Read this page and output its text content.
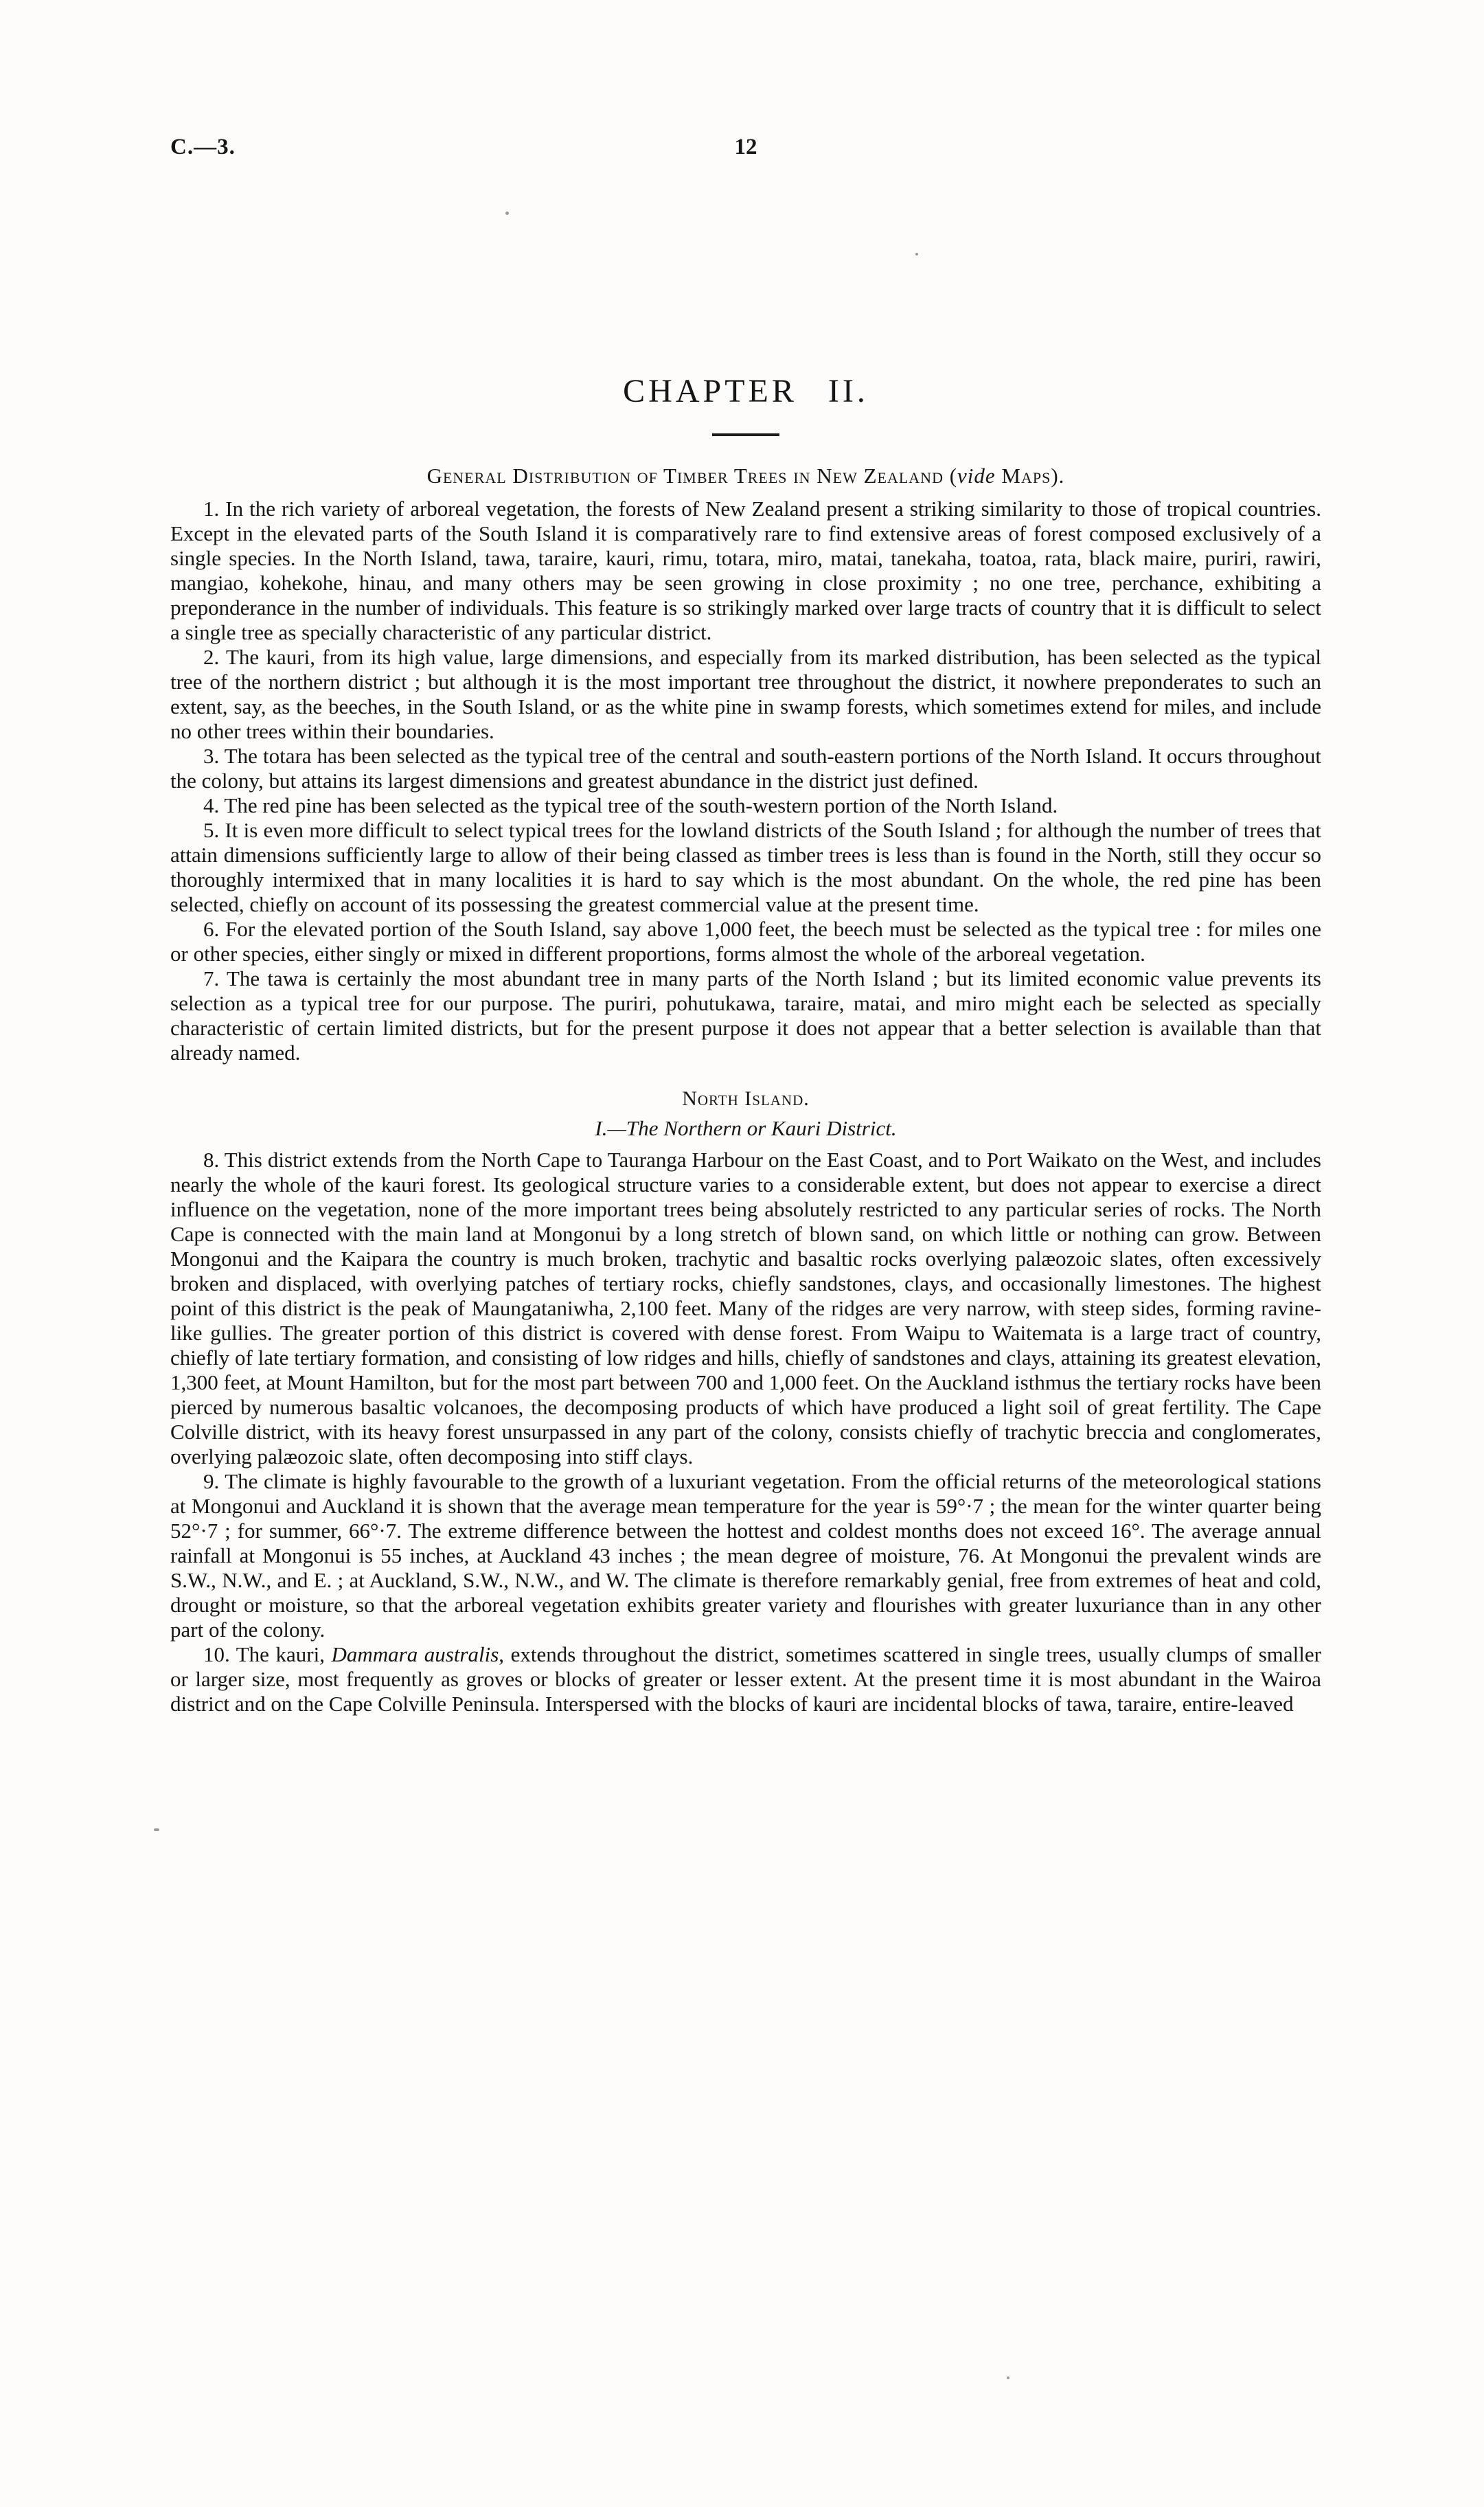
C.—3.	12
CHAPTER II.
General Distribution of Timber Trees in New Zealand (vide Maps).

1. In the rich variety of arboreal vegetation, the forests of New Zealand present a striking similarity to those of tropical countries. Except in the elevated parts of the South Island it is comparatively rare to find extensive areas of forest composed exclusively of a single species. In the North Island, tawa, taraire, kauri, rimu, totara, miro, matai, tanekaha, toatoa, rata, black maire, puriri, rawiri, mangiao, kohekohe, hinau, and many others may be seen growing in close proximity ; no one tree, perchance, exhibiting a preponderance in the number of individuals. This feature is so strikingly marked over large tracts of country that it is difficult to select a single tree as specially characteristic of any particular district.

2. The kauri, from its high value, large dimensions, and especially from its marked distribution, has been selected as the typical tree of the northern district ; but although it is the most important tree throughout the district, it nowhere preponderates to such an extent, say, as the beeches, in the South Island, or as the white pine in swamp forests, which sometimes extend for miles, and include no other trees within their boundaries.

3. The totara has been selected as the typical tree of the central and south-eastern portions of the North Island. It occurs throughout the colony, but attains its largest dimensions and greatest abundance in the district just defined.

4. The red pine has been selected as the typical tree of the south-western portion of the North Island.

5. It is even more difficult to select typical trees for the lowland districts of the South Island ; for although the number of trees that attain dimensions sufficiently large to allow of their being classed as timber trees is less than is found in the North, still they occur so thoroughly intermixed that in many localities it is hard to say which is the most abundant. On the whole, the red pine has been selected, chiefly on account of its possessing the greatest commercial value at the present time.

6. For the elevated portion of the South Island, say above 1,000 feet, the beech must be selected as the typical tree : for miles one or other species, either singly or mixed in different proportions, forms almost the whole of the arboreal vegetation.

7. The tawa is certainly the most abundant tree in many parts of the North Island ; but its limited economic value prevents its selection as a typical tree for our purpose. The puriri, pohutukawa, taraire, matai, and miro might each be selected as specially characteristic of certain limited districts, but for the present purpose it does not appear that a better selection is available than that already named.

North Island.
I.—The Northern or Kauri District.

8. This district extends from the North Cape to Tauranga Harbour on the East Coast, and to Port Waikato on the West, and includes nearly the whole of the kauri forest. Its geological structure varies to a considerable extent, but does not appear to exercise a direct influence on the vegetation, none of the more important trees being absolutely restricted to any particular series of rocks. The North Cape is connected with the main land at Mongonui by a long stretch of blown sand, on which little or nothing can grow. Between Mongonui and the Kaipara the country is much broken, trachytic and basaltic rocks overlying palæozoic slates, often excessively broken and displaced, with overlying patches of tertiary rocks, chiefly sandstones, clays, and occasionally limestones. The highest point of this district is the peak of Maungataniwha, 2,100 feet. Many of the ridges are very narrow, with steep sides, forming ravine-like gullies. The greater portion of this district is covered with dense forest. From Waipu to Waitemata is a large tract of country, chiefly of late tertiary formation, and consisting of low ridges and hills, chiefly of sandstones and clays, attaining its greatest elevation, 1,300 feet, at Mount Hamilton, but for the most part between 700 and 1,000 feet. On the Auckland isthmus the tertiary rocks have been pierced by numerous basaltic volcanoes, the decomposing products of which have produced a light soil of great fertility. The Cape Colville district, with its heavy forest unsurpassed in any part of the colony, consists chiefly of trachytic breccia and conglomerates, overlying palæozoic slate, often decomposing into stiff clays.

9. The climate is highly favourable to the growth of a luxuriant vegetation. From the official returns of the meteorological stations at Mongonui and Auckland it is shown that the average mean temperature for the year is 59°·7 ; the mean for the winter quarter being 52°·7 ; for summer, 66°·7. The extreme difference between the hottest and coldest months does not exceed 16°. The average annual rainfall at Mongonui is 55 inches, at Auckland 43 inches ; the mean degree of moisture, 76. At Mongonui the prevalent winds are S.W., N.W., and E. ; at Auckland, S.W., N.W., and W. The climate is therefore remarkably genial, free from extremes of heat and cold, drought or moisture, so that the arboreal vegetation exhibits greater variety and flourishes with greater luxuriance than in any other part of the colony.

10. The kauri, Dammara australis, extends throughout the district, sometimes scattered in single trees, usually clumps of smaller or larger size, most frequently as groves or blocks of greater or lesser extent. At the present time it is most abundant in the Wairoa district and on the Cape Colville Peninsula. Interspersed with the blocks of kauri are incidental blocks of tawa, taraire, entire-leaved
